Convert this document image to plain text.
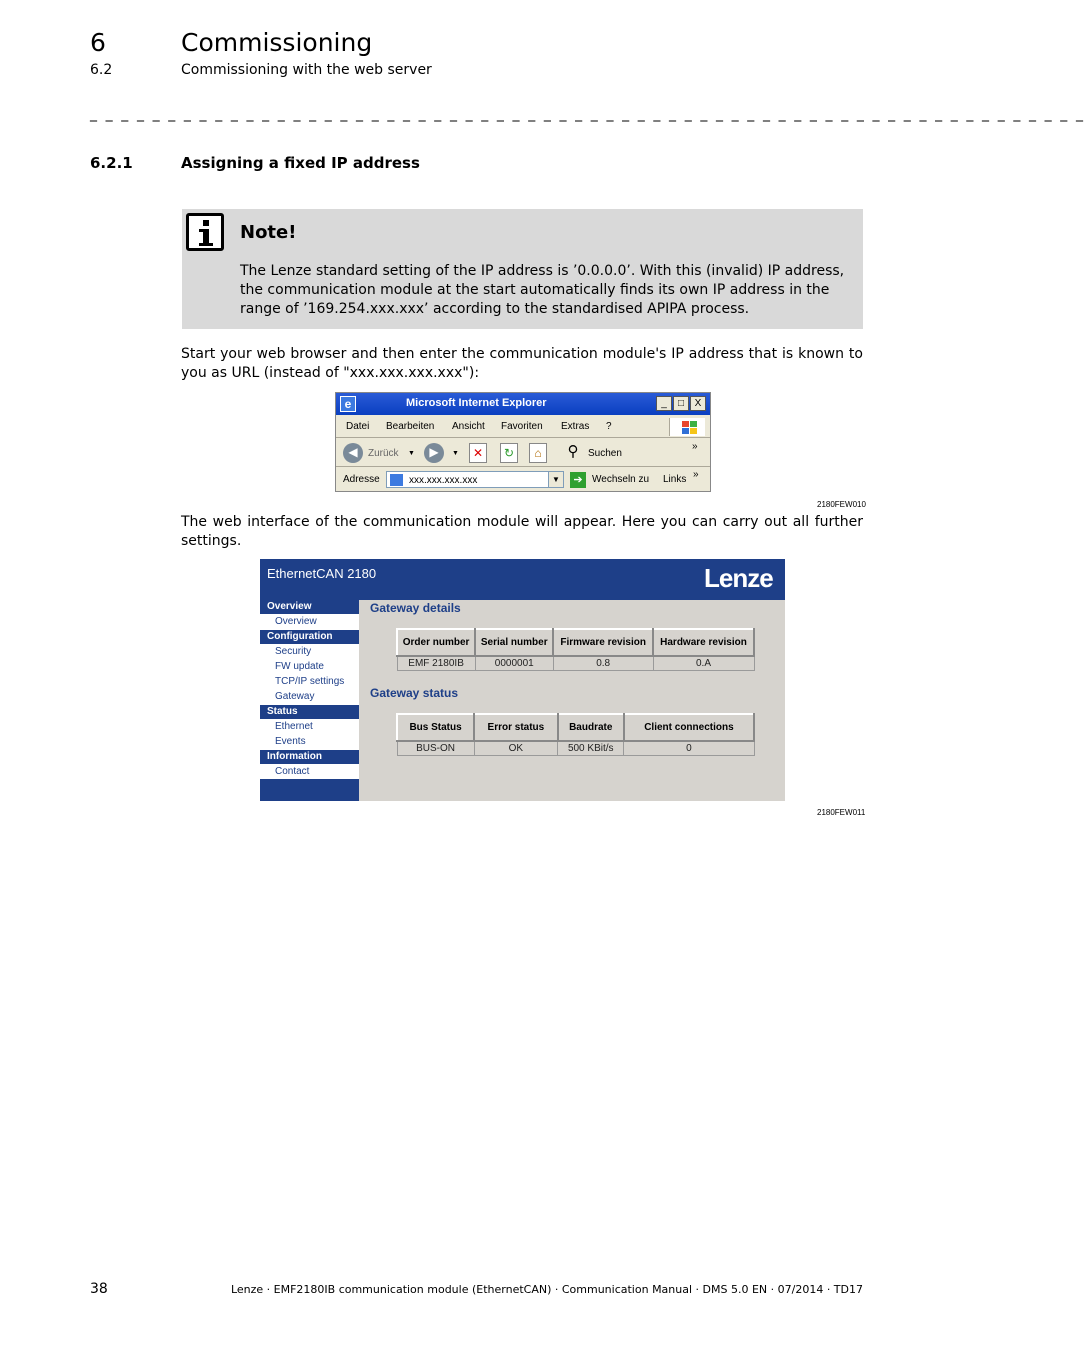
6	Commissioning
6.2	Commissioning with the web server
_ _ _ _ _ _ _ _ _ _ _ _ _ _ _ _ _ _ _ _ _ _ _ _ _ _ _ _ _ _ _ _ _ _ _ _ _ _ _ _ _ _ _ _ _ _ _ _ _ _ _ _ _ _ _ _ _ _ _ _ _ _ _ _
6.2.1	Assigning a fixed IP address
Note!
The Lenze standard setting of the IP address is ’0.0.0.0’. With this (invalid) IP address, the communication module at the start automatically finds its own IP address in the range of ’169.254.xxx.xxx’ according to the standardised APIPA process.
Start your web browser and then enter the communication module's IP address that is known to you as URL (instead of "xxx.xxx.xxx.xxx"):
e	Microsoft Internet Explorer	_	□	X
Datei Bearbeiten Ansicht Favoriten Extras ?
◀	Zurück ▼	▶	▼	✕	↻	⌂	⚲ Suchen
»
Adresse	xxx.xxx.xxx.xxx	▼	➔ Wechseln zu Links »
2180FEW010
The web interface of the communication module will appear. Here you can carry out all further settings.
EthernetCAN 2180	Lenze
Overview
Overview
Configuration
Security
FW update
TCP/IP settings
Gateway
Status
Ethernet
Events
Information
Contact
Gateway details
Order number	Serial number	Firmware revision	Hardware revision
EMF 2180IB	0000001	0.8	0.A
Gateway status
Bus Status	Error status	Baudrate	Client connections
BUS-ON	OK	500 KBit/s	0
2180FEW011
38	Lenze · EMF2180IB communication module (EthernetCAN) · Communication Manual · DMS 5.0 EN · 07/2014 · TD17
